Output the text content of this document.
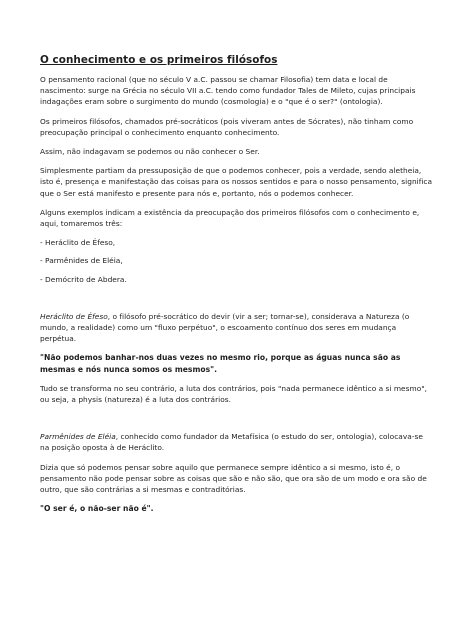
O conhecimento e os primeiros filósofos

O pensamento racional (que no século V a.C. passou se chamar Filosofia) tem data e local de nascimento: surge na Grécia no século VII a.C. tendo como fundador Tales de Mileto, cujas principais indagações eram sobre o surgimento do mundo (cosmologia) e o "que é o ser?" (ontologia).

Os primeiros filósofos, chamados pré-socráticos (pois viveram antes de Sócrates), não tinham como preocupação principal o conhecimento enquanto conhecimento.

Assim, não indagavam se podemos ou não conhecer o Ser.

Simplesmente partiam da pressuposição de que o podemos conhecer, pois a verdade, sendo aletheia, isto é, presença e manifestação das coisas para os nossos sentidos e para o nosso pensamento, significa que o Ser está manifesto e presente para nós e, portanto, nós o podemos conhecer.

Alguns exemplos indicam a existência da preocupação dos primeiros filósofos com o conhecimento e, aqui, tomaremos três:

- Heráclito de Éfeso,

- Parmênides de Eléia,

- Demócrito de Abdera.

Heráclito de Éfeso, o filósofo pré-socrático do devir (vir a ser; tornar-se), considerava a Natureza (o mundo, a realidade) como um "fluxo perpétuo", o escoamento contínuo dos seres em mudança perpétua.

"Não podemos banhar-nos duas vezes no mesmo rio, porque as águas nunca são as mesmas e nós nunca somos os mesmos".

Tudo se transforma no seu contrário, a luta dos contrários, pois "nada permanece idêntico a si mesmo", ou seja, a physis (natureza) é a luta dos contrários.

Parmênides de Eléia, conhecido como fundador da Metafísica (o estudo do ser, ontologia), colocava-se na posição oposta à de Heráclito.

Dizia que só podemos pensar sobre aquilo que permanece sempre idêntico a si mesmo, isto é, o pensamento não pode pensar sobre as coisas que são e não são, que ora são de um modo e ora são de outro, que são contrárias a si mesmas e contraditórias.

"O ser é, o não-ser não é".
